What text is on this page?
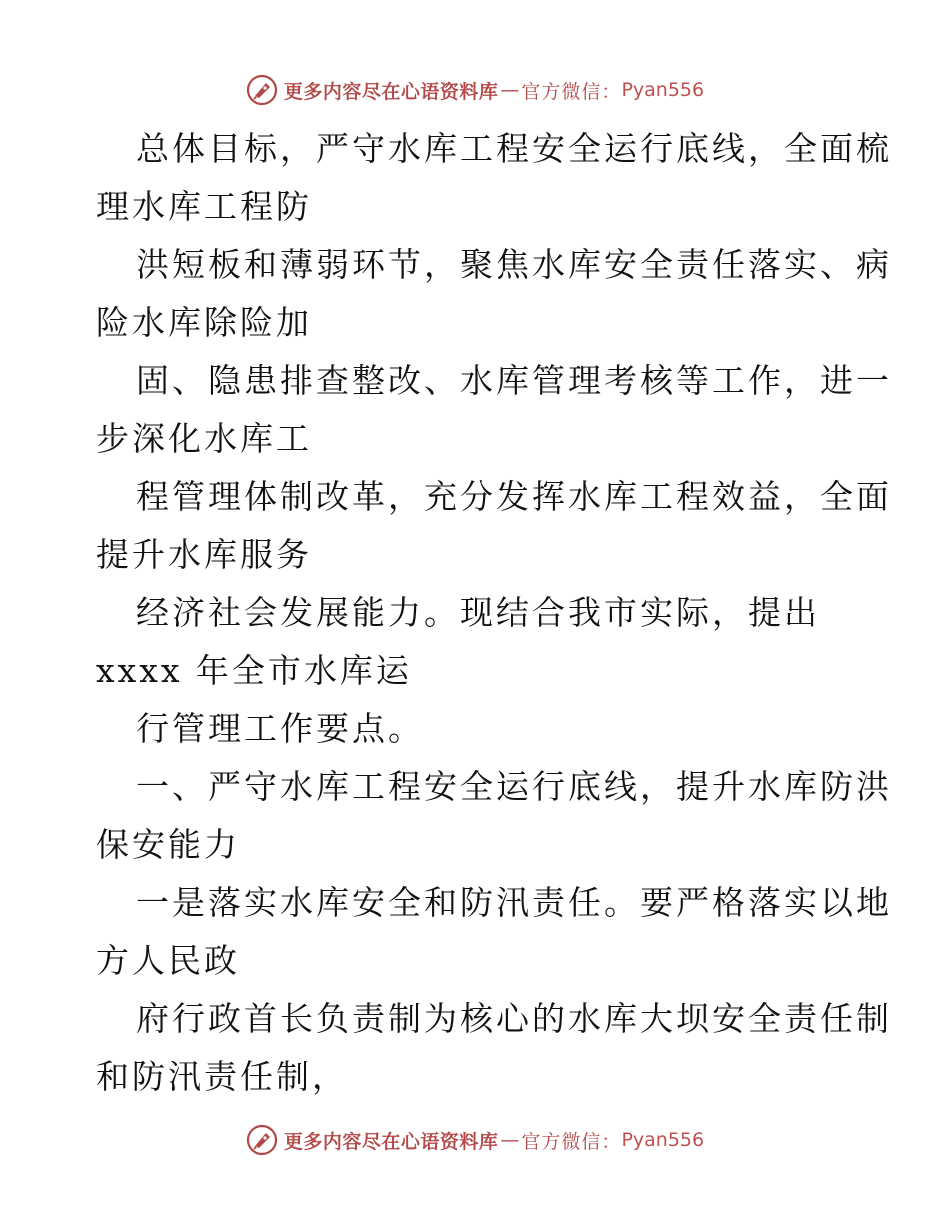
更多内容尽在心语资料库 — 官方微信： Pyan556
总体目标，严守水库工程安全运行底线，全面梳
理水库工程防
洪短板和薄弱环节，聚焦水库安全责任落实、病
险水库除险加
固、隐患排查整改、水库管理考核等工作，进一
步深化水库工
程管理体制改革，充分发挥水库工程效益，全面
提升水库服务
经济社会发展能力。现结合我市实际，提出
xxxx 年全市水库运
行管理工作要点。
一、严守水库工程安全运行底线，提升水库防洪
保安能力
一是落实水库安全和防汛责任。要严格落实以地
方人民政
府行政首长负责制为核心的水库大坝安全责任制
和防汛责任制，
更多内容尽在心语资料库 — 官方微信： Pyan556
